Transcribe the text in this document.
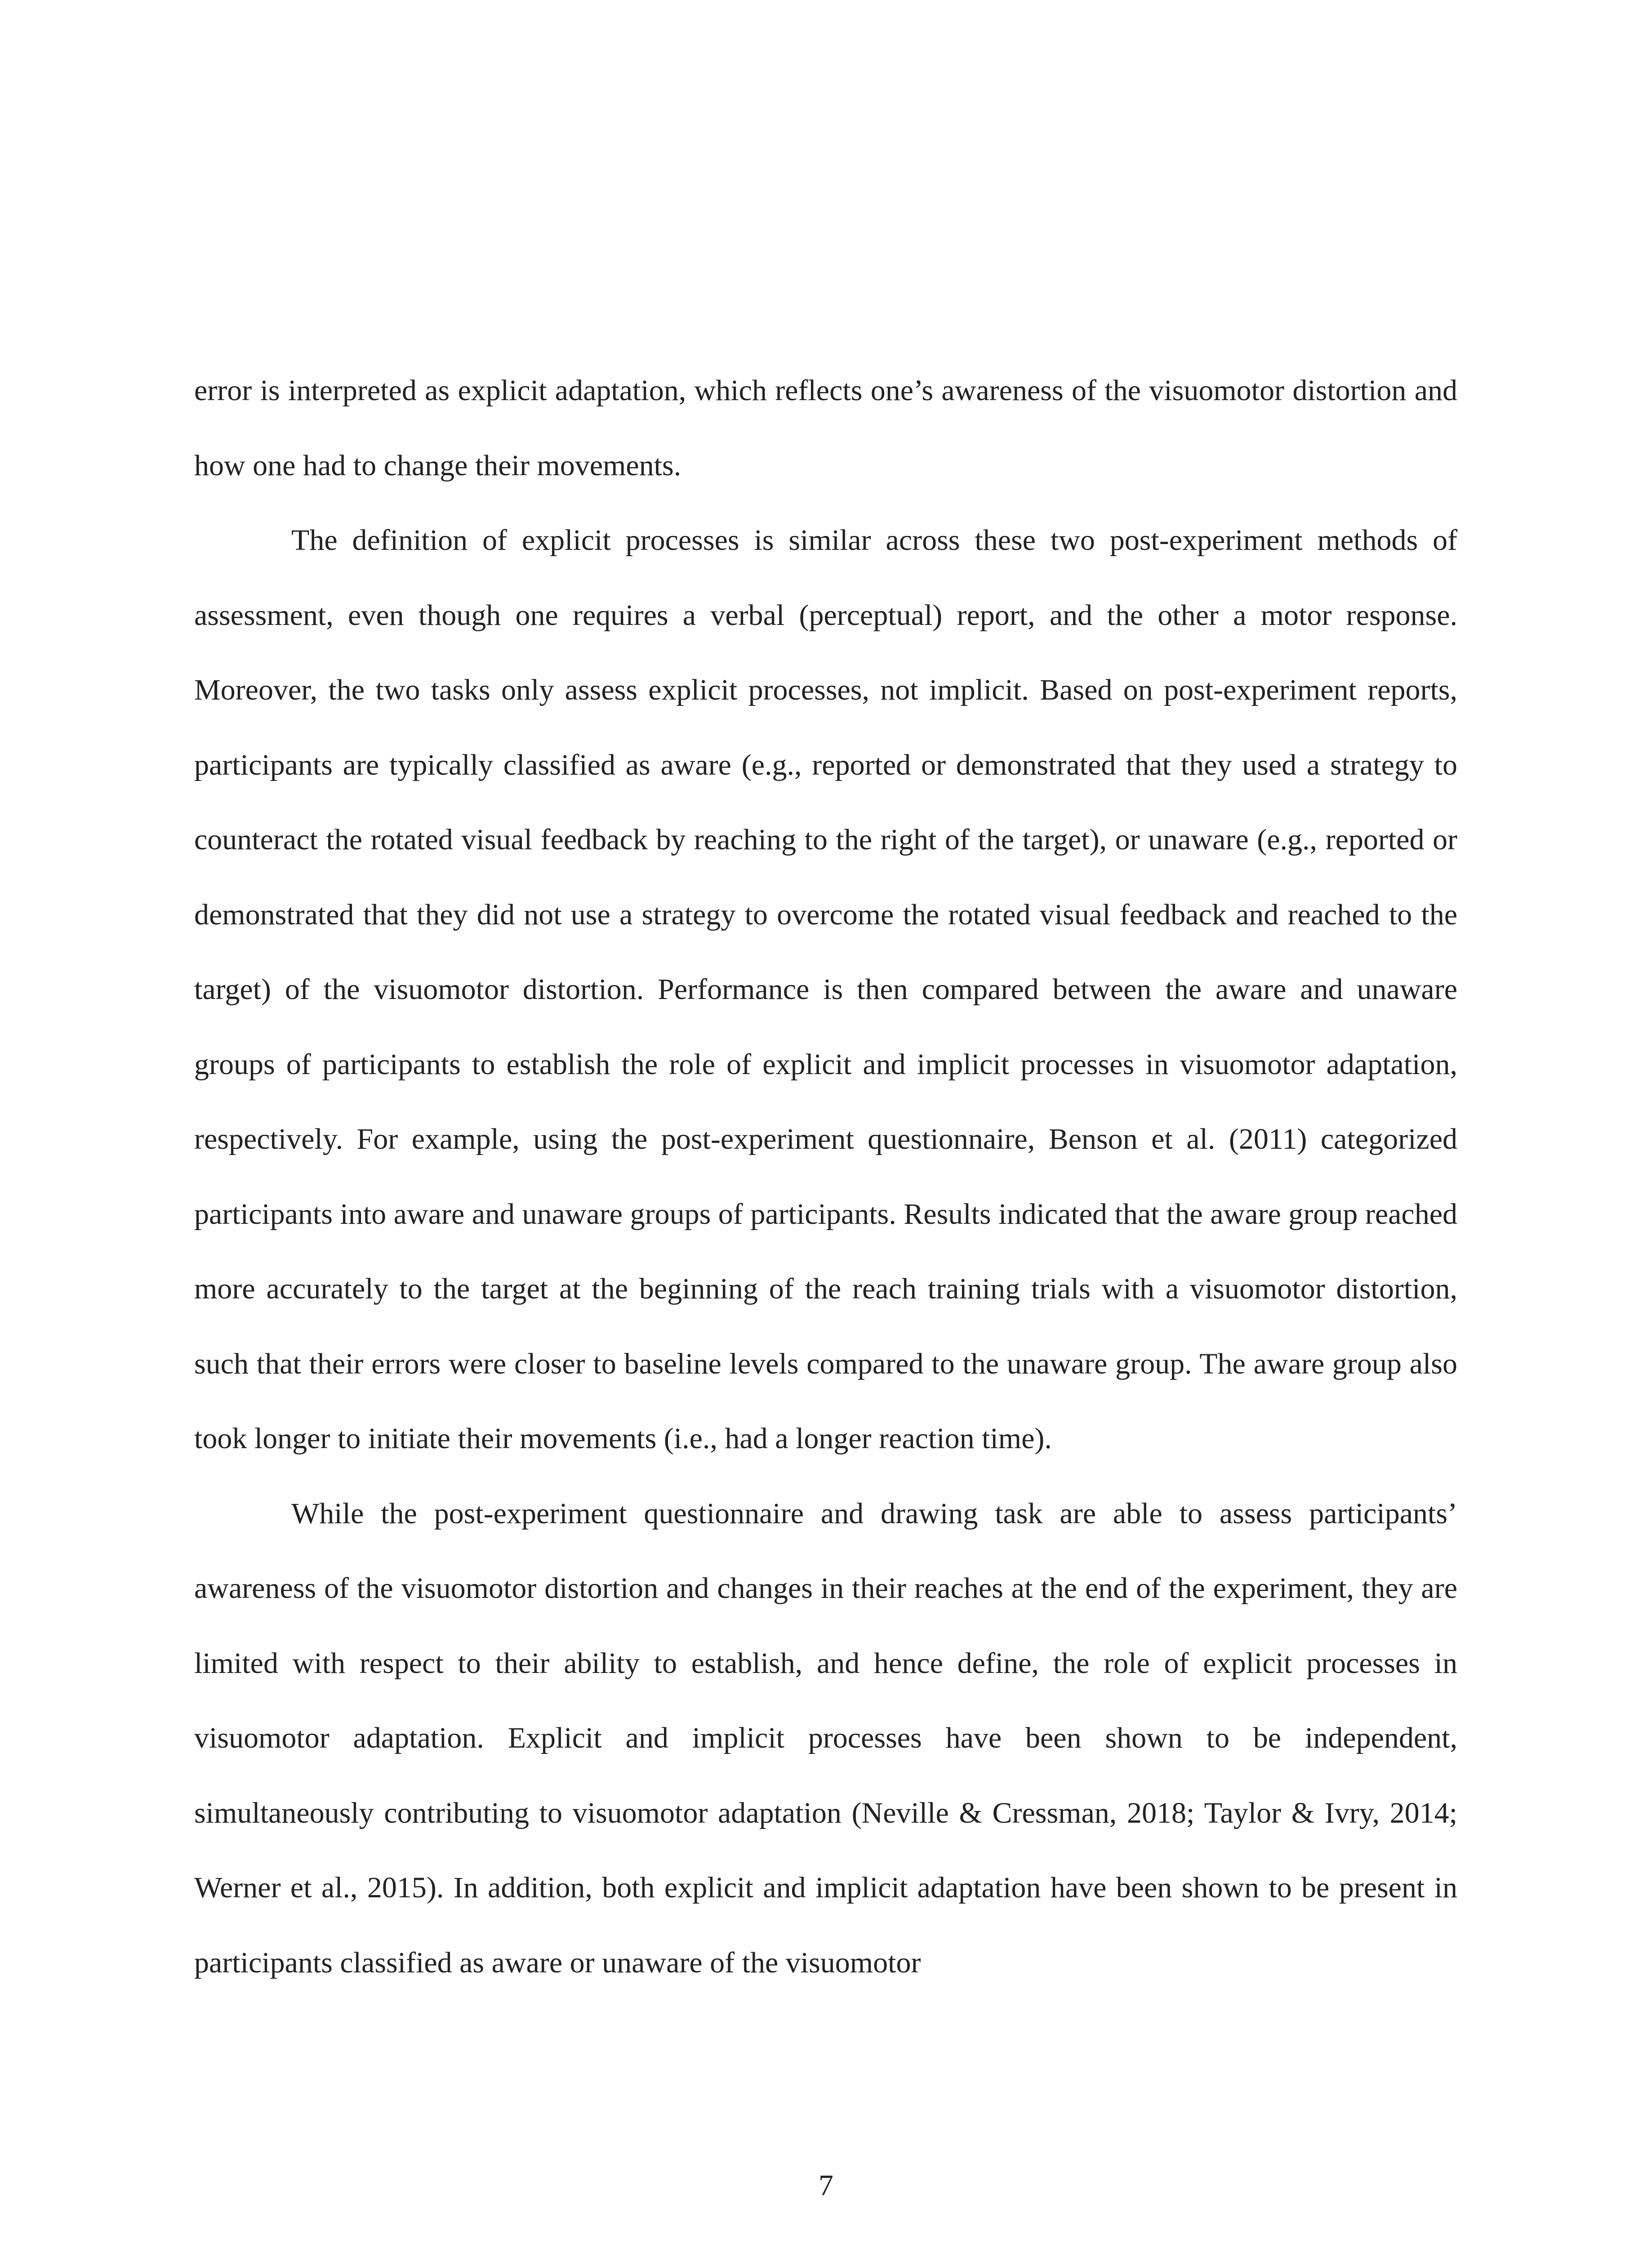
error is interpreted as explicit adaptation, which reflects one’s awareness of the visuomotor distortion and how one had to change their movements.

The definition of explicit processes is similar across these two post-experiment methods of assessment, even though one requires a verbal (perceptual) report, and the other a motor response. Moreover, the two tasks only assess explicit processes, not implicit. Based on post-experiment reports, participants are typically classified as aware (e.g., reported or demonstrated that they used a strategy to counteract the rotated visual feedback by reaching to the right of the target), or unaware (e.g., reported or demonstrated that they did not use a strategy to overcome the rotated visual feedback and reached to the target) of the visuomotor distortion. Performance is then compared between the aware and unaware groups of participants to establish the role of explicit and implicit processes in visuomotor adaptation, respectively. For example, using the post-experiment questionnaire, Benson et al. (2011) categorized participants into aware and unaware groups of participants. Results indicated that the aware group reached more accurately to the target at the beginning of the reach training trials with a visuomotor distortion, such that their errors were closer to baseline levels compared to the unaware group. The aware group also took longer to initiate their movements (i.e., had a longer reaction time).

While the post-experiment questionnaire and drawing task are able to assess participants’ awareness of the visuomotor distortion and changes in their reaches at the end of the experiment, they are limited with respect to their ability to establish, and hence define, the role of explicit processes in visuomotor adaptation. Explicit and implicit processes have been shown to be independent, simultaneously contributing to visuomotor adaptation (Neville & Cressman, 2018; Taylor & Ivry, 2014; Werner et al., 2015). In addition, both explicit and implicit adaptation have been shown to be present in participants classified as aware or unaware of the visuomotor

7
